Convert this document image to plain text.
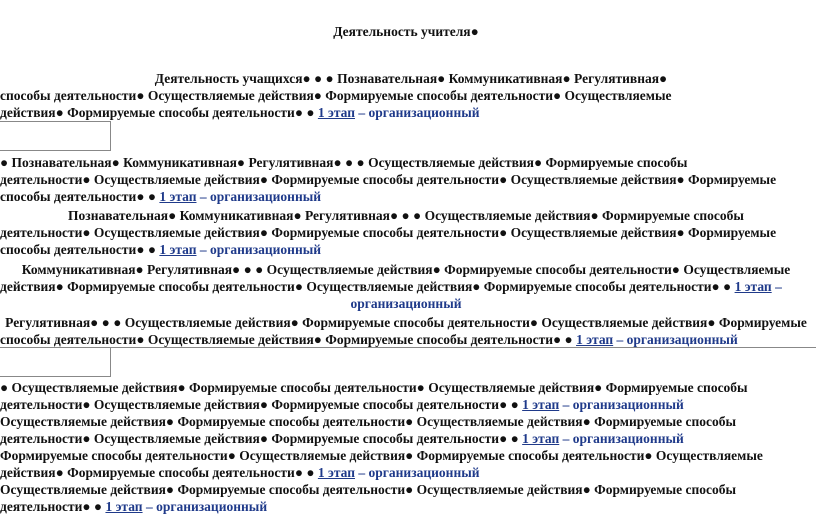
Деятельность учителя●
Деятельность учащихся● ● ● Познавательная● Коммуникативная● Регулятивная●
способы деятельности● Осуществляемые действия● Формируемые способы деятельности● Осуществляемые
действия● Формируемые способы деятельности● ● 1 этап – организационный
● Познавательная● Коммуникативная● Регулятивная● ● ● Осуществляемые действия● Формируемые способы
деятельности● Осуществляемые действия● Формируемые способы деятельности● Осуществляемые действия● Формируемые
способы деятельности● ● 1 этап – организационный
Познавательная● Коммуникативная● Регулятивная● ● ● Осуществляемые действия● Формируемые способы
деятельности● Осуществляемые действия● Формируемые способы деятельности● Осуществляемые действия● Формируемые
способы деятельности● ● 1 этап – организационный
Коммуникативная● Регулятивная● ● ● Осуществляемые действия● Формируемые способы деятельности● Осуществляемые
действия● Формируемые способы деятельности● Осуществляемые действия● Формируемые способы деятельности● ● 1 этап –
организационный
Регулятивная● ● ● Осуществляемые действия● Формируемые способы деятельности● Осуществляемые действия● Формируемые
способы деятельности● Осуществляемые действия● Формируемые способы деятельности● ● 1 этап – организационный
● Осуществляемые действия● Формируемые способы деятельности● Осуществляемые действия● Формируемые способы
деятельности● Осуществляемые действия● Формируемые способы деятельности● ● 1 этап – организационный
Осуществляемые действия● Формируемые способы деятельности● Осуществляемые действия● Формируемые способы
деятельности● Осуществляемые действия● Формируемые способы деятельности● ● 1 этап – организационный
Формируемые способы деятельности● Осуществляемые действия● Формируемые способы деятельности● Осуществляемые
действия● Формируемые способы деятельности● ● 1 этап – организационный
Осуществляемые действия● Формируемые способы деятельности● Осуществляемые действия● Формируемые способы
деятельности● ● 1 этап – организационный
